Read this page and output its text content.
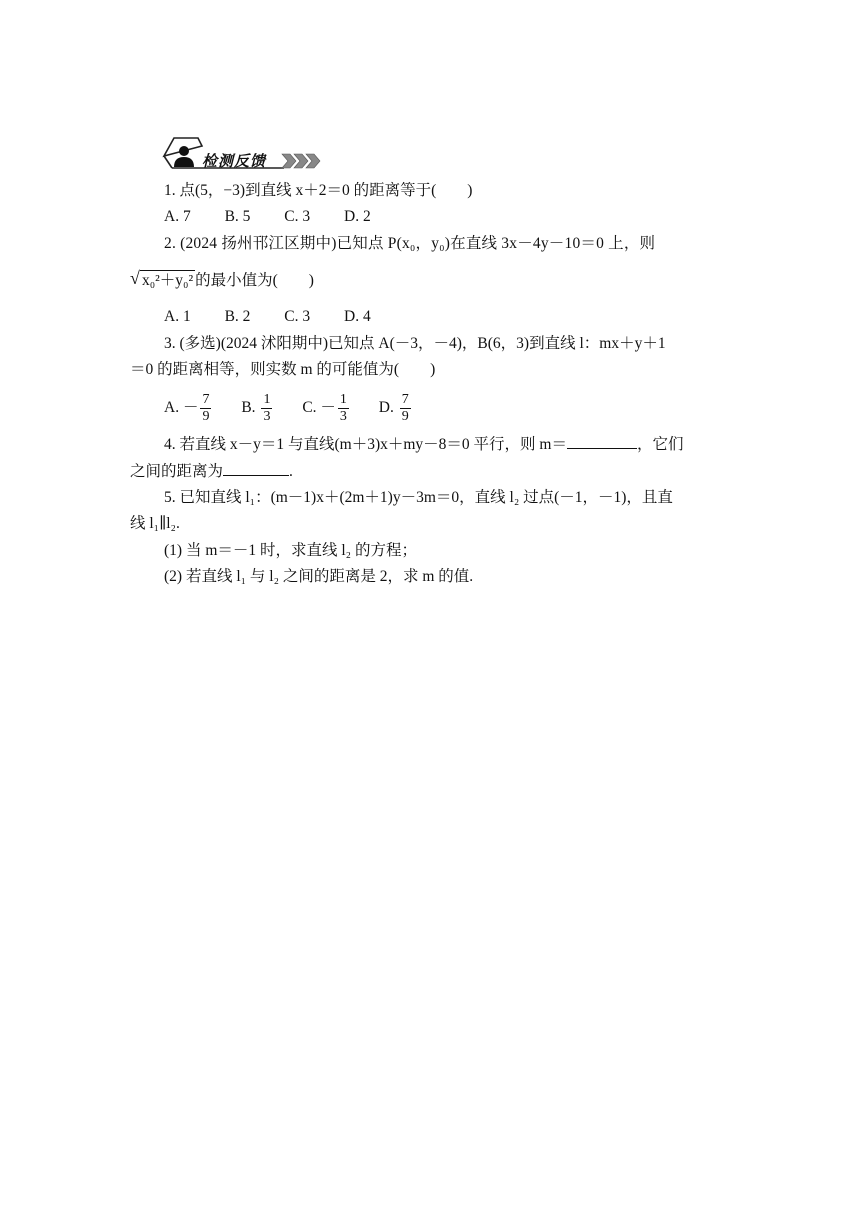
检测反馈
1. 点(5，−3)到直线 x＋2＝0 的距离等于(　　)
A. 7 B. 5 C. 3 D. 2
2. (2024 扬州邗江区期中)已知点 P(x₀，y₀)在直线 3x－4y－10＝0 上，则
√ x₀²＋y₀² 的最小值为(　　)
A. 1 B. 2 C. 3 D. 4
3. (多选)(2024 沭阳期中)已知点 A(－3，－4)，B(6，3)到直线 l：mx＋y＋1
＝0 的距离相等，则实数 m 的可能值为(　　)
A. － $\frac{7}{9} B$. $\frac{1}{3} C$. － $\frac{1}{3} D$. $\frac{7}{9}$
4. 若直线 x－y＝1 与直线(m＋3)x＋my－8＝0 平行，则 m＝	，它们
之间的距离为	.
5. 已知直线 l₁：(m－1)x＋(2m＋1)y－3m＝0，直线 l₂ 过点(－1，－1)，且直
线 l₁∥l₂.
(1) 当 m＝－1 时，求直线 l₂ 的方程；
(2) 若直线 l₁ 与 l₂ 之间的距离是 2，求 m 的值.
